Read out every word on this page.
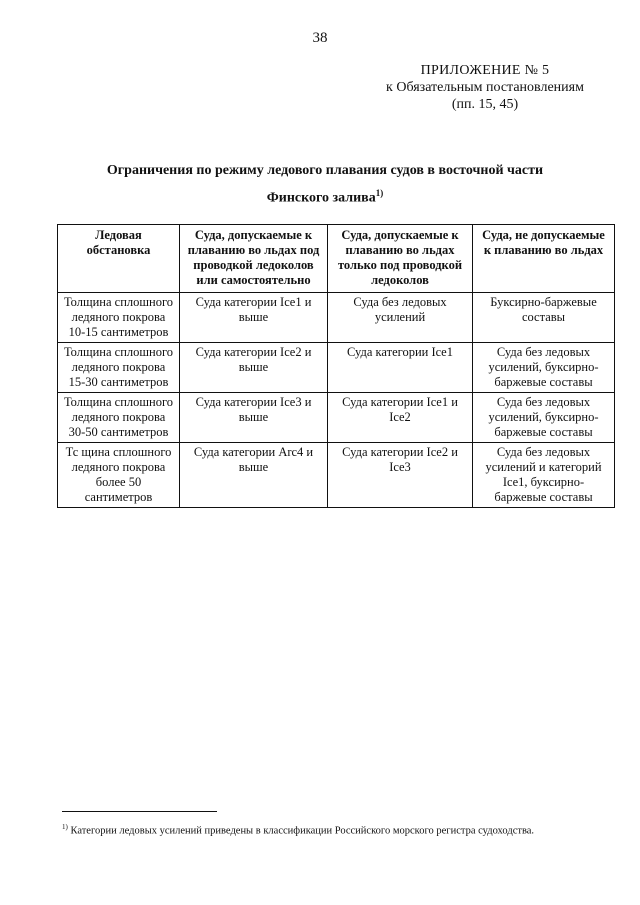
38
ПРИЛОЖЕНИЕ № 5
к Обязательным постановлениям
(пп. 15, 45)
Ограничения по режиму ледового плавания судов в восточной части Финского залива$^{1)}$
Ледовая обстановка	Суда, допускаемые к плаванию во льдах под проводкой ледоколов или самостоятельно	Суда, допускаемые к плаванию во льдах только под проводкой ледоколов	Суда, не допускаемые к плаванию во льдах
Толщина сплошного ледяного покрова 10-15 сантиметров	Суда категории Ice1 и выше	Суда без ледовых усилений	Буксирно-баржевые составы
Толщина сплошного ледяного покрова 15-30 сантиметров	Суда категории Ice2 и выше	Суда категории Ice1	Суда без ледовых усилений, буксирно-баржевые составы
Толщина сплошного ледяного покрова 30-50 сантиметров	Суда категории Ice3 и выше	Суда категории Ice1 и Ice2	Суда без ледовых усилений, буксирно-баржевые составы
Тс щина сплошного ледяного покрова более 50 сантиметров	Суда категории Arc4 и выше	Суда категории Ice2 и Ice3	Суда без ледовых усилений и категорий Ice1, буксирно-баржевые составы
$^{1)}$ Категории ледовых усилений приведены в классификации Российского морского регистра судоходства.
